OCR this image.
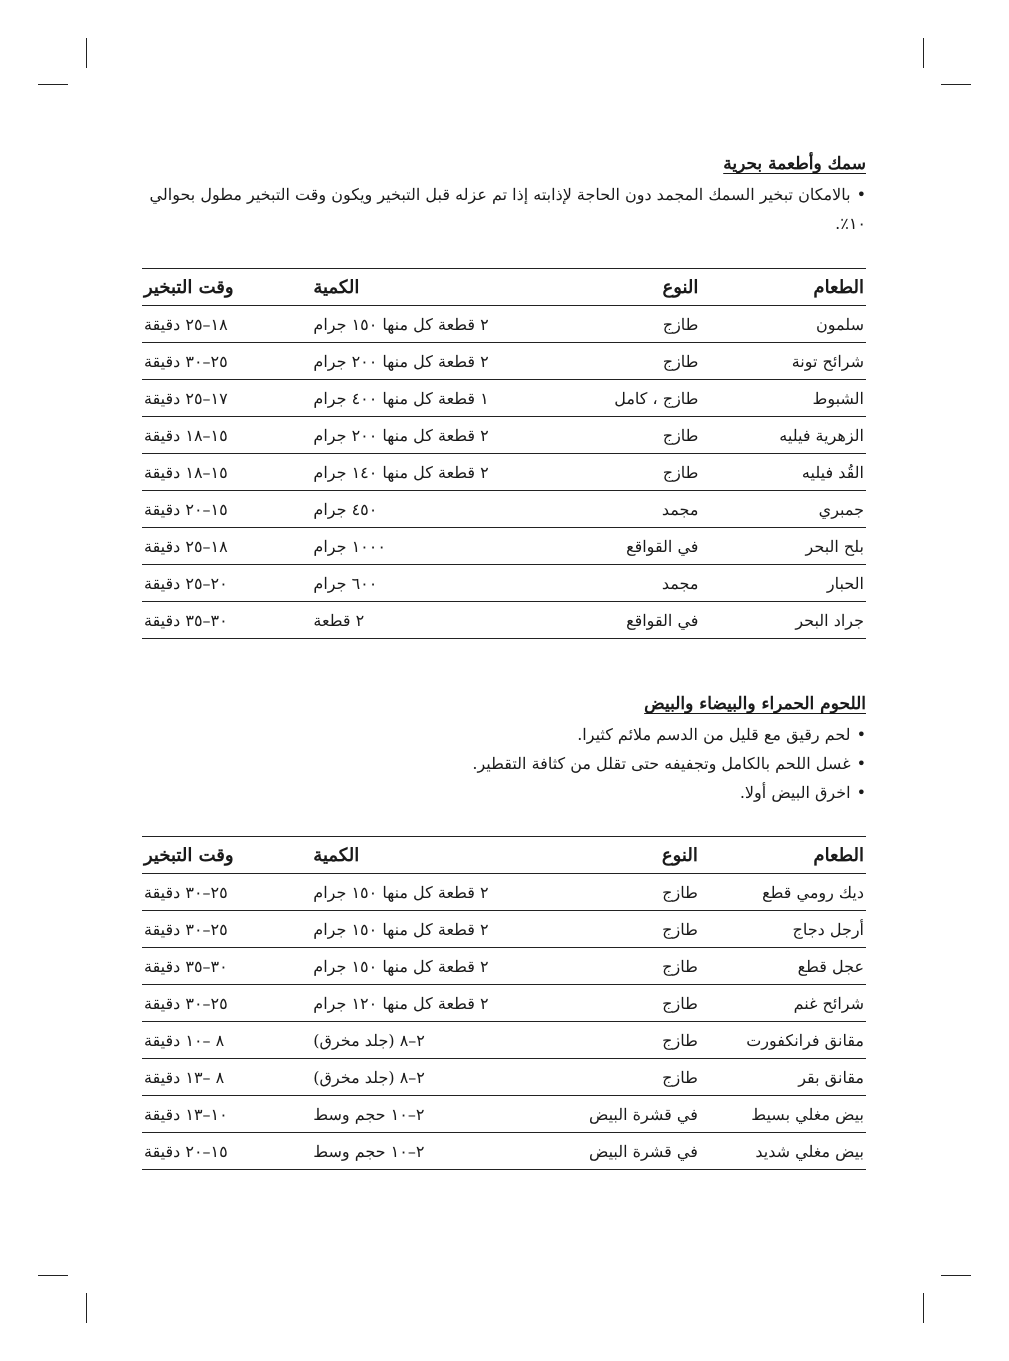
سمك وأطعمة بحرية
•بالامكان تبخير السمك المجمد دون الحاجة لإذابته إذا تم عزله قبل التبخير ويكون وقت التبخير مطول بحوالي ١٠٪.
الطعام	النوع	الكمية	وقت التبخير
سلمون	طازج	٢ قطعة كل منها ١٥٠ جرام	١٨–٢٥ دقيقة
شرائح تونة	طازج	٢ قطعة كل منها ٢٠٠ جرام	٢٥–٣٠ دقيقة
الشبوط	طازج ، كامل	١ قطعة كل منها ٤٠٠ جرام	١٧–٢٥ دقيقة
الزهرية فيليه	طازج	٢ قطعة كل منها ٢٠٠ جرام	١٥–١٨ دقيقة
القُد فيليه	طازج	٢ قطعة كل منها ١٤٠ جرام	١٥–١٨ دقيقة
جمبري	مجمد	٤٥٠ جرام	١٥–٢٠ دقيقة
بلح البحر	في القواقع	١٠٠٠ جرام	١٨–٢٥ دقيقة
الحبار	مجمد	٦٠٠ جرام	٢٠–٢٥ دقيقة
جراد البحر	في القواقع	٢ قطعة	٣٠–٣٥ دقيقة
اللحوم الحمراء والبيضاء والبيض
•لحم رقيق مع قليل من الدسم ملائم كثيرا.
•غسل اللحم بالكامل وتجفيفه حتى تقلل من كثافة التقطير.
•اخرق البيض أولا.
الطعام	النوع	الكمية	وقت التبخير
ديك رومي قطع	طازج	٢ قطعة كل منها ١٥٠ جرام	٢٥–٣٠ دقيقة
أرجل دجاج	طازج	٢ قطعة كل منها ١٥٠ جرام	٢٥–٣٠ دقيقة
عجل قطع	طازج	٢ قطعة كل منها ١٥٠ جرام	٣٠–٣٥ دقيقة
شرائح غنم	طازج	٢ قطعة كل منها ١٢٠ جرام	٢٥–٣٠ دقيقة
مقانق فرانكفورت	طازج	٢–٨ (جلد مخرق)	٨ –١٠ دقيقة
مقانق بقر	طازج	٢–٨ (جلد مخرق)	٨ –١٣ دقيقة
بيض مغلي بسيط	في قشرة البيض	٢–١٠ حجم وسط	١٠–١٣ دقيقة
بيض مغلي شديد	في قشرة البيض	٢–١٠ حجم وسط	١٥–٢٠ دقيقة
